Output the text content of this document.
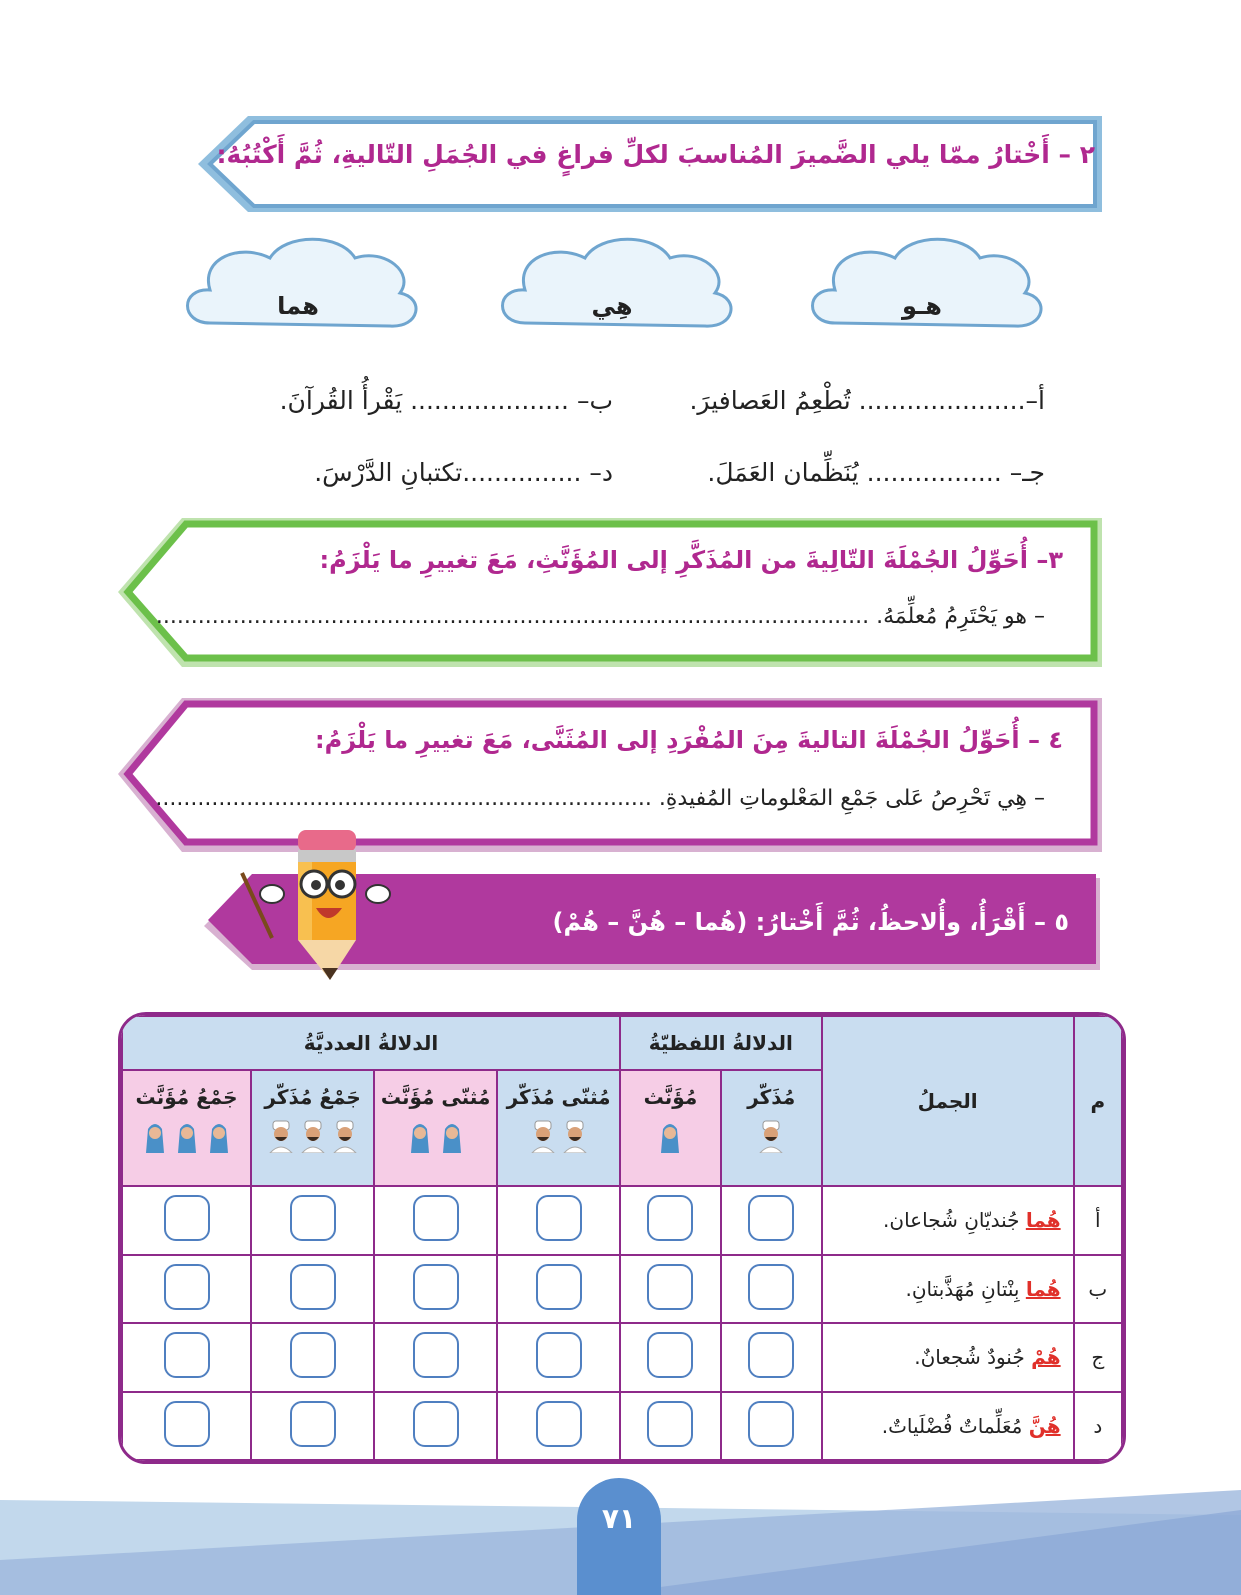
٢ – أَخْتارُ ممّا يلي الضَّميرَ المُناسبَ لكلِّ فراغٍ في الجُمَلِ التّاليةِ، ثُمَّ أَكْتُبُهُ:
هـو
هِي
هما
أ–..................... تُطْعِمُ العَصافيرَ.
ب– .................... يَقْرأُ القُرآنَ.
جـ– ................. يُنَظِّمان العَمَلَ.
د– ...............تكتبانِ الدَّرْسَ.
٣– أُحَوِّلُ الجُمْلَةَ التّالِيةَ من المُذَكَّرِ إلى المُؤَنَّثِ، مَعَ تغييرِ ما يَلْزَمُ:
– هو يَحْتَرِمُ مُعلِّمَهُ. ......................................................................................................
٤ – أُحَوِّلُ الجُمْلَةَ التاليةَ مِنَ المُفْرَدِ إلى المُثَنَّى، مَعَ تغييرِ ما يَلْزَمُ:
– هِي تَحْرِصُ عَلى جَمْعِ المَعْلوماتِ المُفيدةِ. .......................................................................
٥ – أَقْرَأُ، وأُلاحظُ، ثُمَّ أَخْتارُ: (هُما – هُنَّ – هُمْ)
م	الجملُ	الدلالةُ اللفظيّةُ		الدلالةُ العدديَّةُ			

		مُذَكّر	مُؤَنَّث	مُثنّى مُذَكّر	مُثنّى مُؤَنَّث	جَمْعُ مُذَكّر	جَمْعُ مُؤَنَّث

أ	هُما جُنديّانِ شُجاعان.						
ب	هُما بِنْتانِ مُهَذَّبتانِ.						
ج	هُمْ جُنودٌ شُجعانٌ.						
د	هُنَّ مُعَلِّماتٌ فُضْلَياتٌ.						
٧١
